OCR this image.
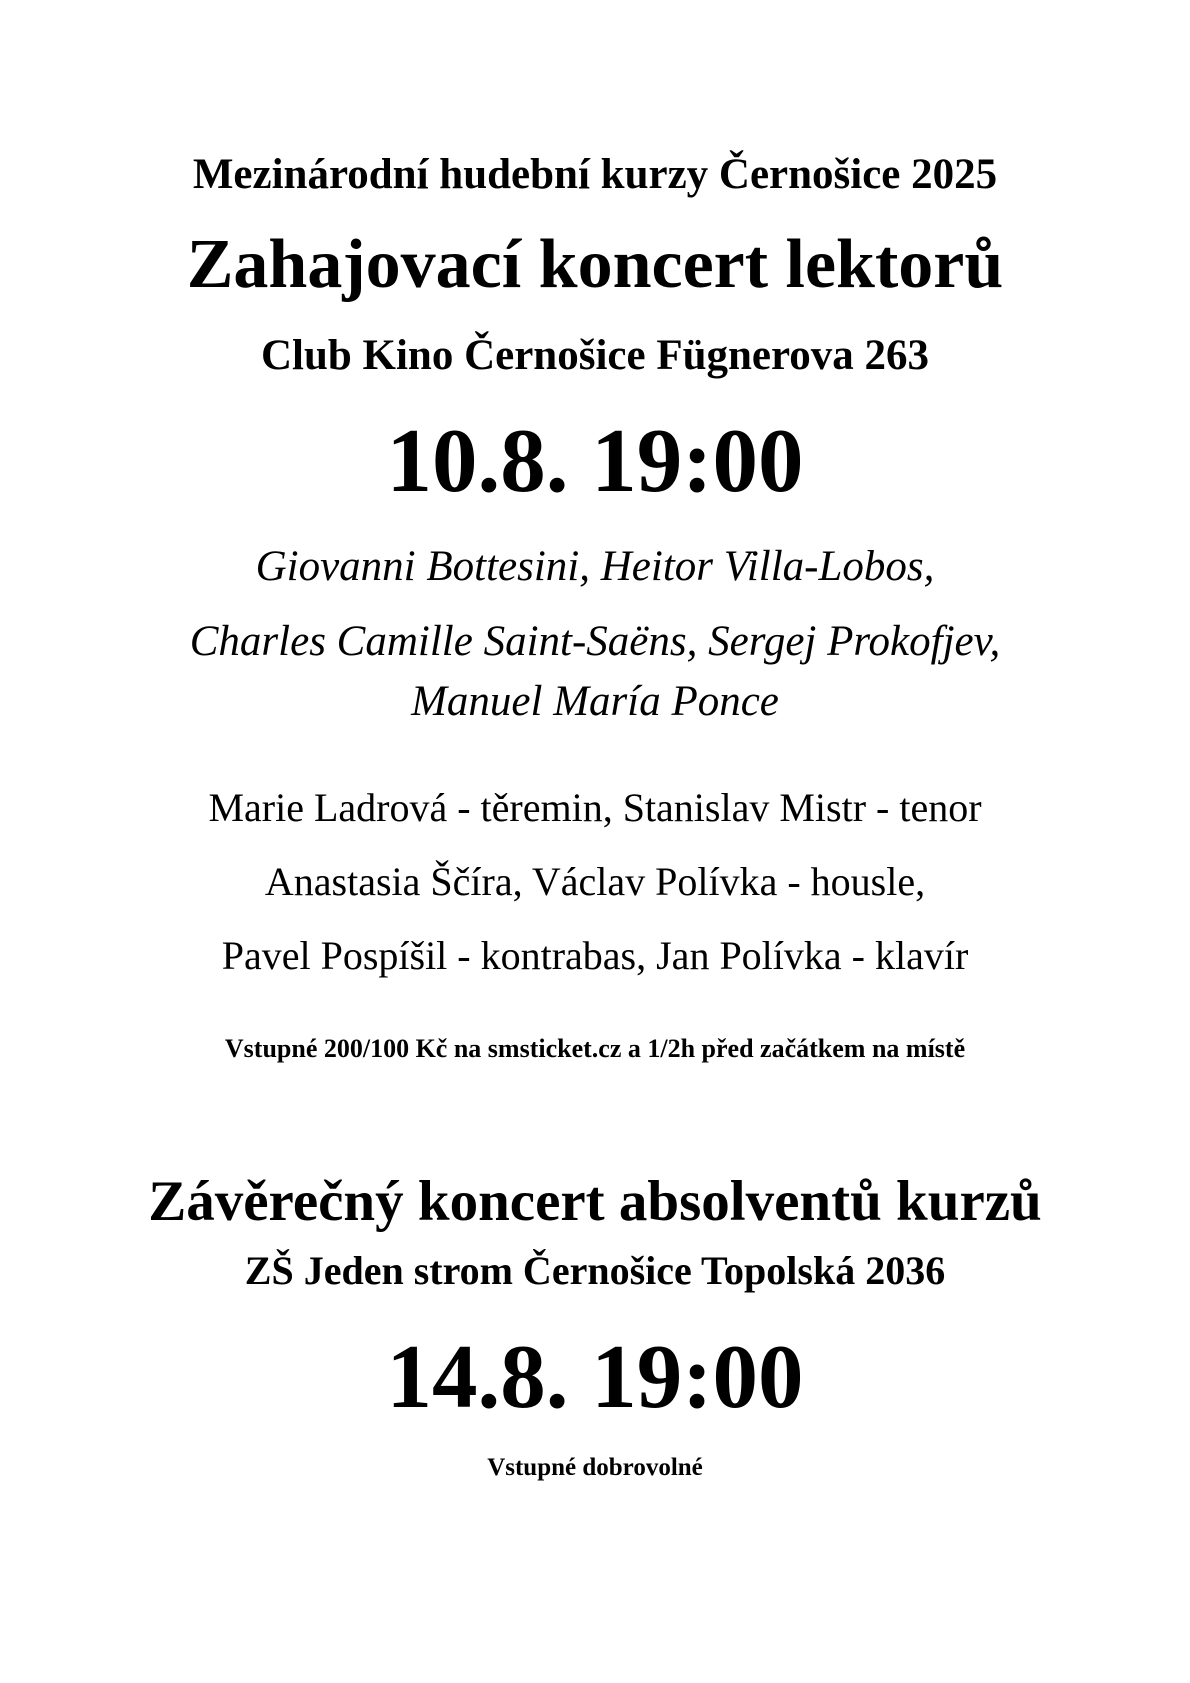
Mezinárodní hudební kurzy Černošice 2025
Zahajovací koncert lektorů
Club Kino Černošice Fügnerova 263
10.8. 19:00
Giovanni Bottesini, Heitor Villa-Lobos,
Charles Camille Saint-Saëns, Sergej Prokofjev,
Manuel María Ponce
Marie Ladrová - těremin, Stanislav Mistr - tenor
Anastasia Ščíra, Václav Polívka - housle,
Pavel Pospíšil - kontrabas, Jan Polívka - klavír
Vstupné 200/100 Kč na smsticket.cz a 1/2h před začátkem na místě
Závěrečný koncert absolventů kurzů
ZŠ Jeden strom Černošice Topolská 2036
14.8. 19:00
Vstupné dobrovolné
